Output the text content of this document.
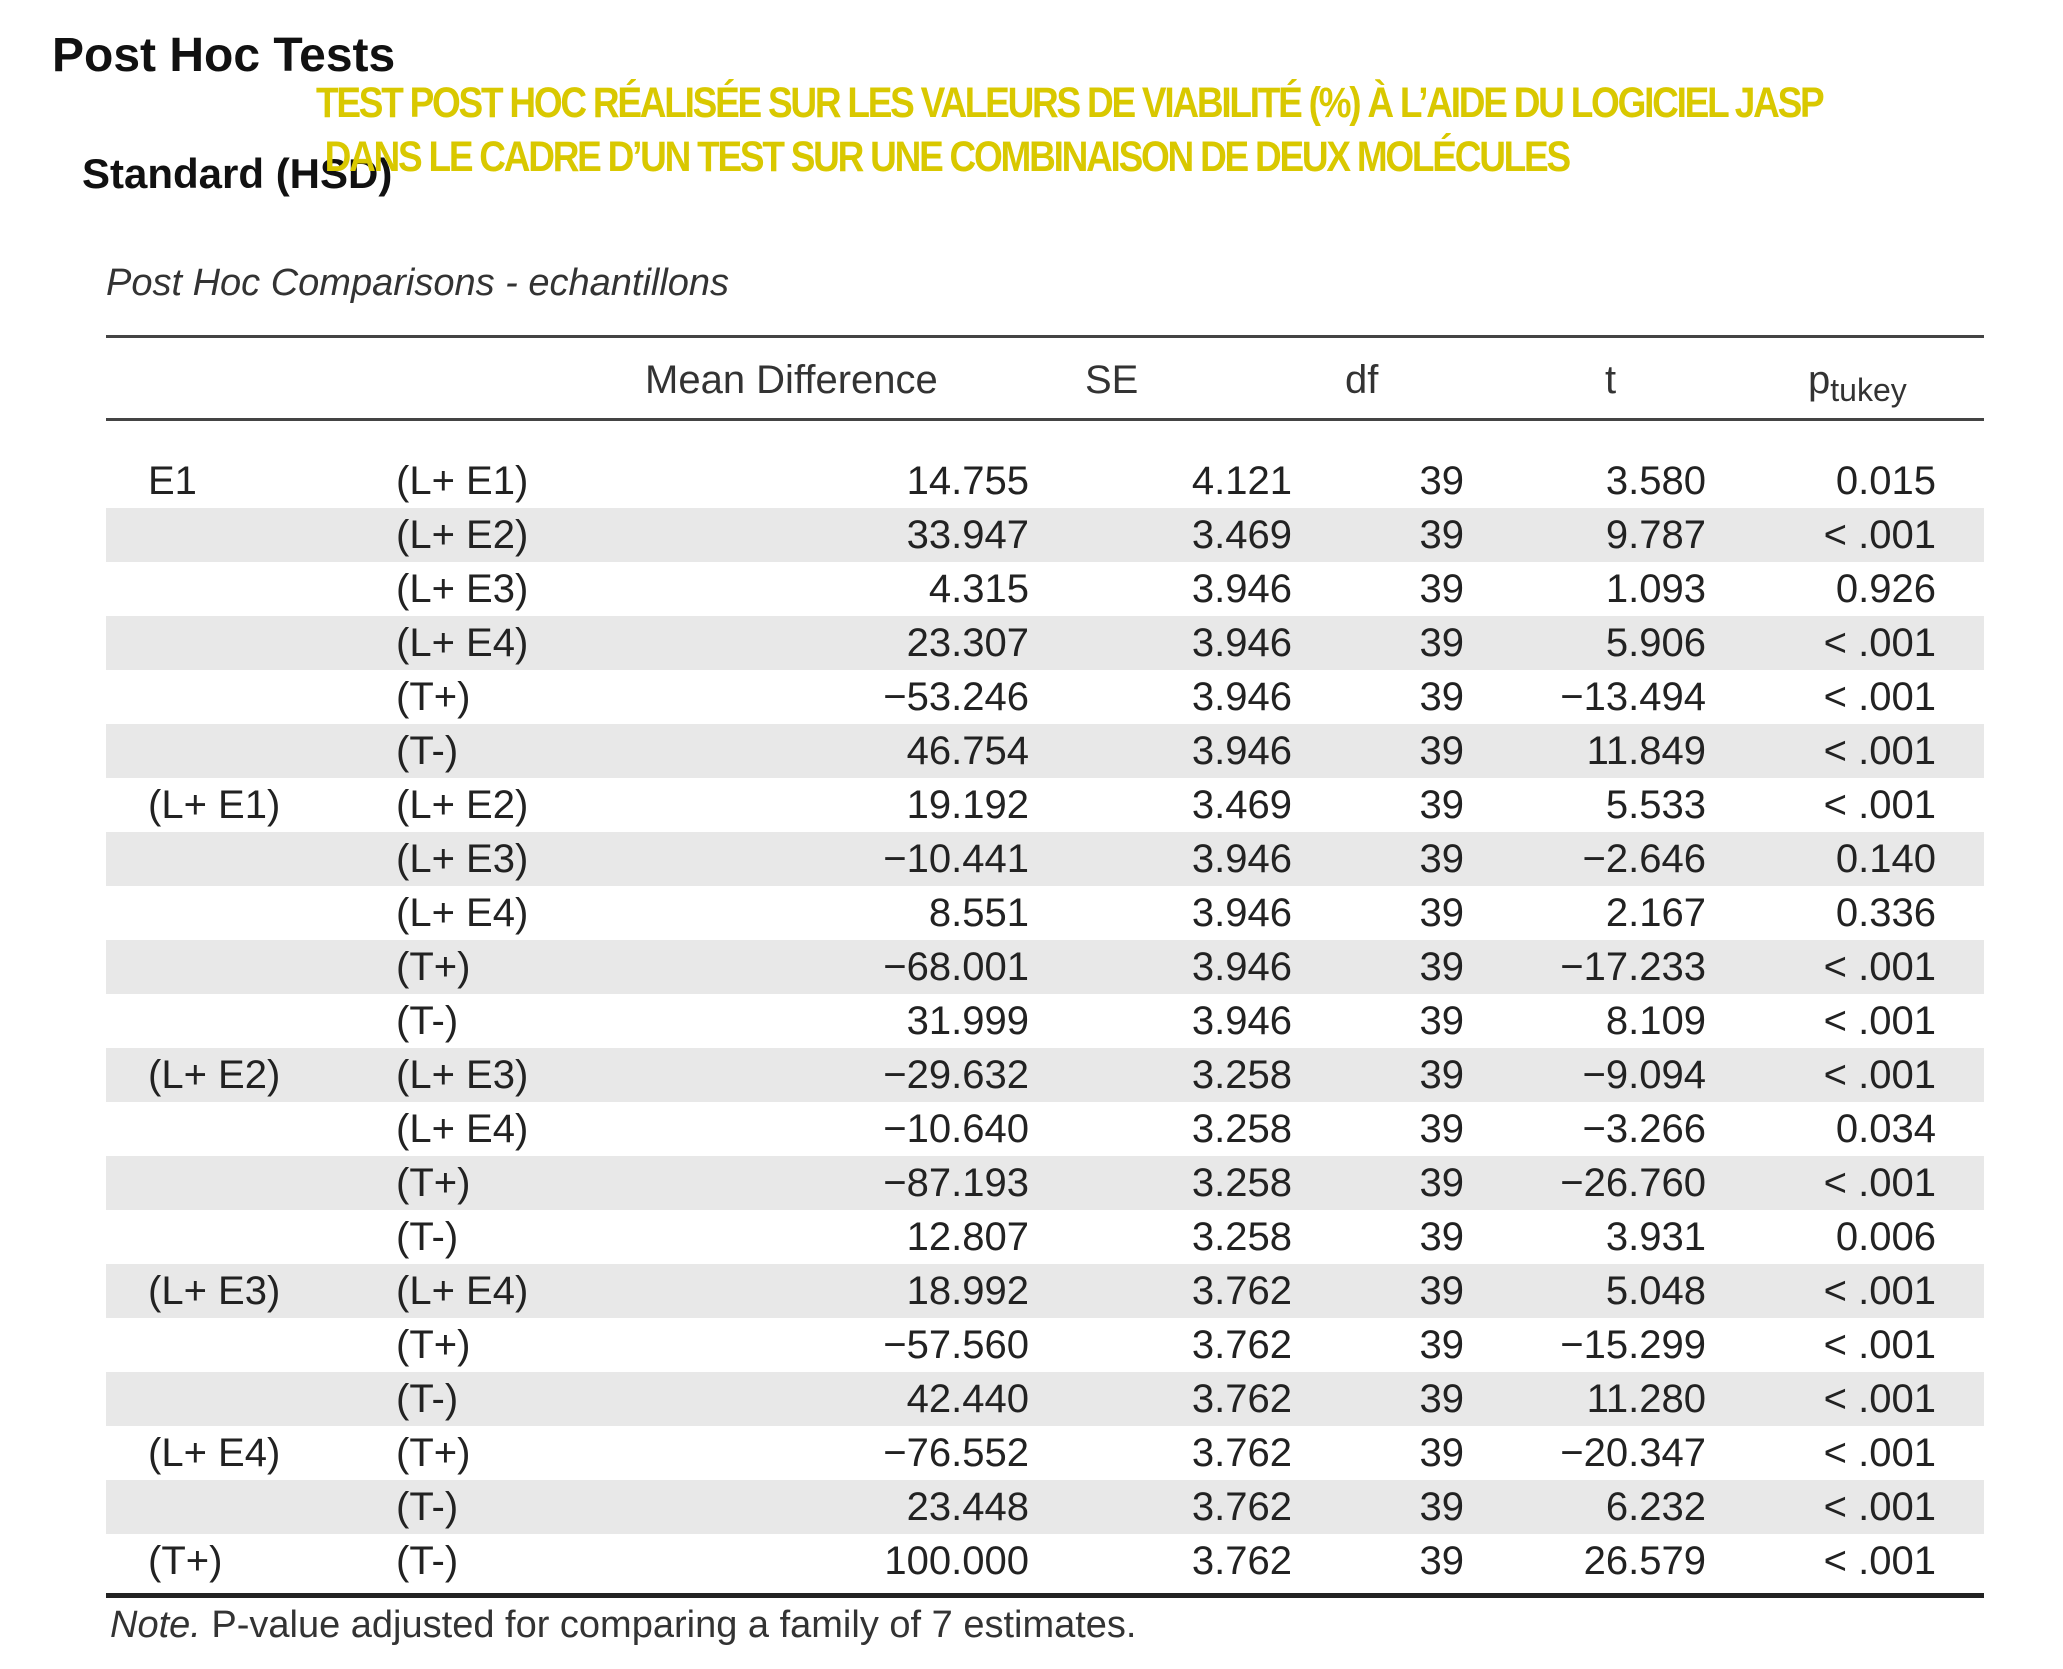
Post Hoc Tests
Standard (HSD)
TEST POST HOC RÉALISÉE SUR LES VALEURS DE VIABILITÉ (%) À L’AIDE DU LOGICIEL JASP
DANS LE CADRE D’UN TEST SUR UNE COMBINAISON DE DEUX MOLÉCULES
Post Hoc Comparisons - echantillons
Mean Difference	SE	df	t	$p_{tukey}$
E1	(L+ E1)	14.755	4.121	39	3.580	0.015
(L+ E2)	33.947	3.469	39	9.787	< .001
(L+ E3)	4.315	3.946	39	1.093	0.926
(L+ E4)	23.307	3.946	39	5.906	< .001
(T+)	−53.246	3.946	39 −13.494	< .001
(T-)	46.754	3.946	39	11.849	< .001
(L+ E1)	(L+ E2)	19.192	3.469	39	5.533	< .001
(L+ E3)	−10.441	3.946	39	−2.646	0.140
(L+ E4)	8.551	3.946	39	2.167	0.336
(T+)	−68.001	3.946	39 −17.233	< .001
(T-)	31.999	3.946	39	8.109	< .001
(L+ E2)	(L+ E3)	−29.632	3.258	39	−9.094	< .001
(L+ E4)	−10.640	3.258	39	−3.266	0.034
(T+)	−87.193	3.258	39 −26.760	< .001
(T-)	12.807	3.258	39	3.931	0.006
(L+ E3)	(L+ E4)	18.992	3.762	39	5.048	< .001
(T+)	−57.560	3.762	39 −15.299	< .001
(T-)	42.440	3.762	39	11.280	< .001
(L+ E4)	(T+)	−76.552	3.762	39 −20.347	< .001
(T-)	23.448	3.762	39	6.232	< .001
(T+)	(T-)	100.000	3.762	39	26.579	< .001
Note. P-value adjusted for comparing a family of 7 estimates.
